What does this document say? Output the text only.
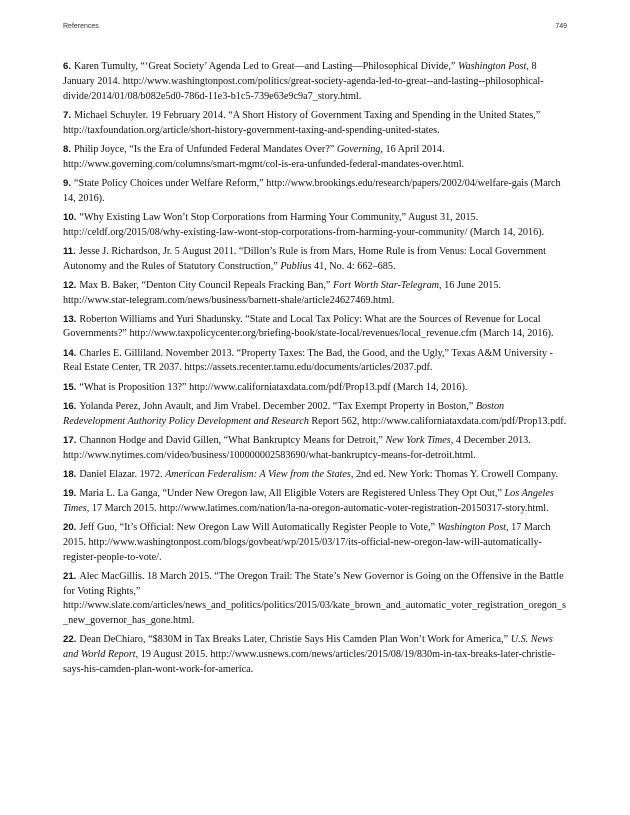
References	749

6. Karen Tumulty, “‘Great Society’ Agenda Led to Great—and Lasting—Philosophical Divide,” Washington Post, 8 January 2014. http://www.washingtonpost.com/politics/great-society-agenda-led-to-great--and-lasting--philosophical-divide/2014/01/08/b082e5d0-786d-11e3-b1c5-739e63e9c9a7_story.html.

7. Michael Schuyler. 19 February 2014. “A Short History of Government Taxing and Spending in the United States,” http://taxfoundation.org/article/short-history-government-taxing-and-spending-united-states.

8. Philip Joyce, “Is the Era of Unfunded Federal Mandates Over?” Governing, 16 April 2014. http://www.governing.com/columns/smart-mgmt/col-is-era-unfunded-federal-mandates-over.html.

9. “State Policy Choices under Welfare Reform,” http://www.brookings.edu/research/papers/2002/04/welfare-gais (March 14, 2016).

10. “Why Existing Law Won’t Stop Corporations from Harming Your Community,” August 31, 2015. http://celdf.org/2015/08/why-existing-law-wont-stop-corporations-from-harming-your-community/ (March 14, 2016).

11. Jesse J. Richardson, Jr. 5 August 2011. “Dillon’s Rule is from Mars, Home Rule is from Venus: Local Government Autonomy and the Rules of Statutory Construction,” Publius 41, No. 4: 662–685.

12. Max B. Baker, “Denton City Council Repeals Fracking Ban,” Fort Worth Star-Telegram, 16 June 2015. http://www.star-telegram.com/news/business/barnett-shale/article24627469.html.

13. Roberton Williams and Yuri Shadunsky. “State and Local Tax Policy: What are the Sources of Revenue for Local Governments?” http://www.taxpolicycenter.org/briefing-book/state-local/revenues/local_revenue.cfm (March 14, 2016).

14. Charles E. Gilliland. November 2013. “Property Taxes: The Bad, the Good, and the Ugly,” Texas A&M University - Real Estate Center, TR 2037. https://assets.recenter.tamu.edu/documents/articles/2037.pdf.

15. “What is Proposition 13?” http://www.californiataxdata.com/pdf/Prop13.pdf (March 14, 2016).

16. Yolanda Perez, John Avault, and Jim Vrabel. December 2002. “Tax Exempt Property in Boston,” Boston Redevelopment Authority Policy Development and Research Report 562, http://www.californiataxdata.com/pdf/Prop13.pdf.

17. Channon Hodge and David Gillen, “What Bankruptcy Means for Detroit,” New York Times, 4 December 2013. http://www.nytimes.com/video/business/100000002583690/what-bankruptcy-means-for-detroit.html.

18. Daniel Elazar. 1972. American Federalism: A View from the States, 2nd ed. New York: Thomas Y. Crowell Company.

19. Maria L. La Ganga, “Under New Oregon law, All Eligible Voters are Registered Unless They Opt Out,” Los Angeles Times, 17 March 2015. http://www.latimes.com/nation/la-na-oregon-automatic-voter-registration-20150317-story.html.

20. Jeff Guo, “It’s Official: New Oregon Law Will Automatically Register People to Vote,” Washington Post, 17 March 2015. http://www.washingtonpost.com/blogs/govbeat/wp/2015/03/17/its-official-new-oregon-law-will-automatically-register-people-to-vote/.

21. Alec MacGillis. 18 March 2015. “The Oregon Trail: The State’s New Governor is Going on the Offensive in the Battle for Voting Rights,” http://www.slate.com/articles/news_and_politics/politics/2015/03/kate_brown_and_automatic_voter_registration_oregon_s_new_governor_has_gone.html.

22. Dean DeChiaro, “$830M in Tax Breaks Later, Christie Says His Camden Plan Won’t Work for America,” U.S. News and World Report, 19 August 2015. http://www.usnews.com/news/articles/2015/08/19/830m-in-tax-breaks-later-christie-says-his-camden-plan-wont-work-for-america.
